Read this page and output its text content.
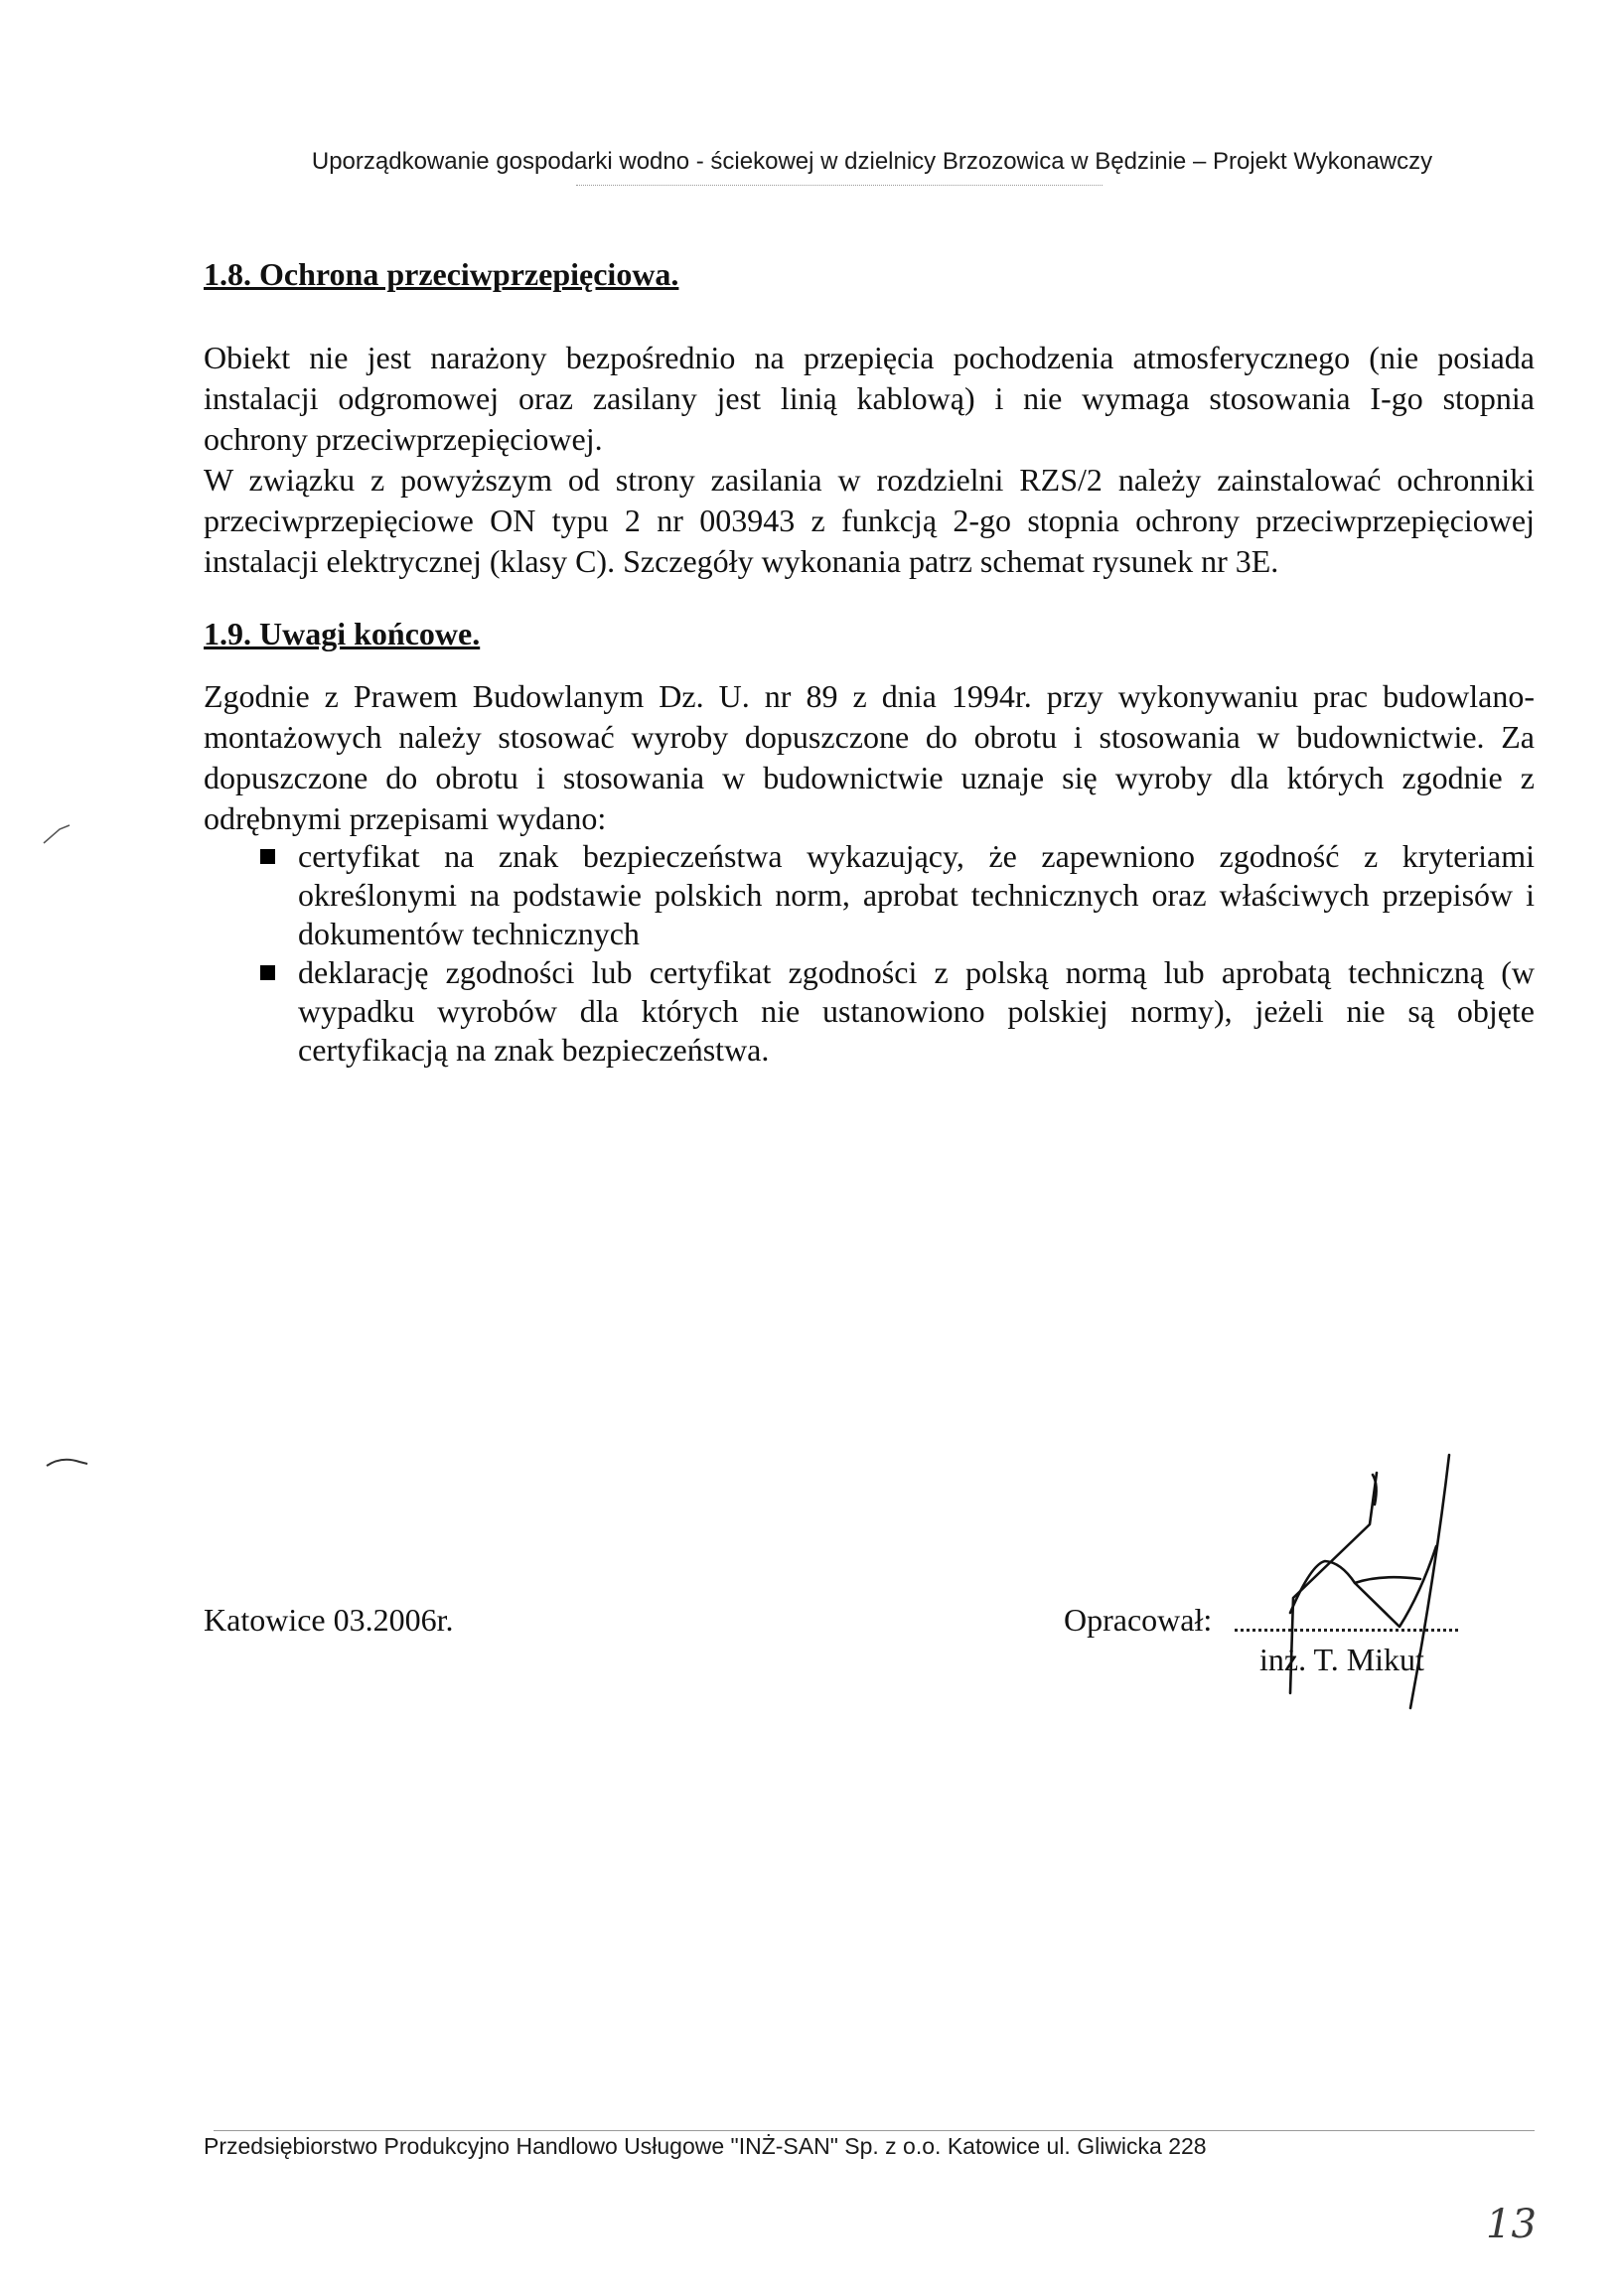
Uporządkowanie gospodarki wodno - ściekowej w dzielnicy Brzozowica w Będzinie – Projekt Wykonawczy
1.8. Ochrona przeciwprzepięciowa.
Obiekt nie jest narażony bezpośrednio na przepięcia pochodzenia atmosferycznego (nie posiada
instalacji odgromowej oraz zasilany jest linią kablową) i nie wymaga stosowania I-go stopnia
ochrony przeciwprzepięciowej.
W związku z powyższym od strony zasilania w rozdzielni RZS/2 należy zainstalować ochronniki
przeciwprzepięciowe ON typu 2 nr 003943 z funkcją 2-go stopnia ochrony przeciwprzepięciowej
instalacji elektrycznej (klasy C). Szczegóły wykonania patrz schemat rysunek nr 3E.
1.9. Uwagi końcowe.
Zgodnie z Prawem Budowlanym Dz. U. nr 89 z dnia 1994r. przy wykonywaniu prac budowlano-
montażowych należy stosować wyroby dopuszczone do obrotu i stosowania w budownictwie. Za
dopuszczone do obrotu i stosowania w budownictwie uznaje się wyroby dla których zgodnie z
odrębnymi przepisami wydano:
certyfikat na znak bezpieczeństwa wykazujący, że zapewniono zgodność z kryteriami
określonymi na podstawie polskich norm, aprobat technicznych oraz właściwych przepisów i
dokumentów technicznych
deklarację zgodności lub certyfikat zgodności z polską normą lub aprobatą techniczną (w
wypadku wyrobów dla których nie ustanowiono polskiej normy), jeżeli nie są objęte
certyfikacją na znak bezpieczeństwa.
Katowice 03.2006r.	Opracował:
inż. T. Mikut
Przedsiębiorstwo Produkcyjno Handlowo Usługowe "INŻ-SAN" Sp. z o.o. Katowice ul. Gliwicka 228
13
